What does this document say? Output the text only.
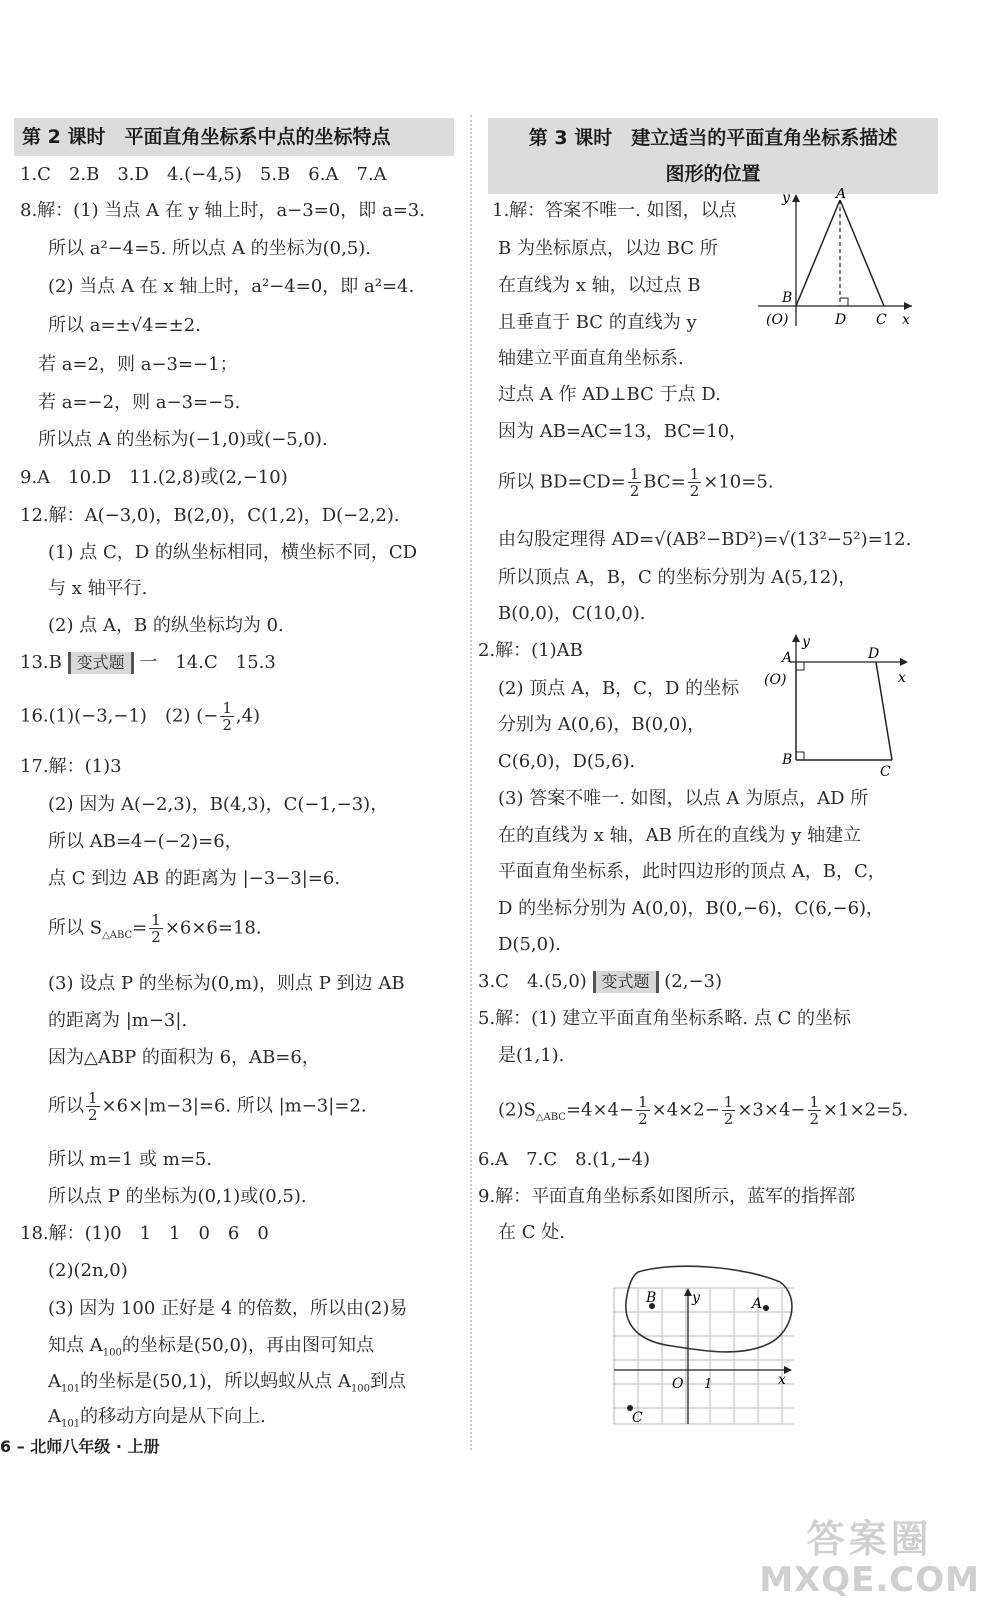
第 2 课时　平面直角坐标系中点的坐标特点
1.C　2.B　3.D　4.(−4,5)　5.B　6.A　7.A
8.解：(1) 当点 A 在 y 轴上时，a−3=0，即 a=3.
所以 a²−4=5. 所以点 A 的坐标为(0,5).
(2) 当点 A 在 x 轴上时，a²−4=0，即 a²=4.
所以 a=±√4=±2.
若 a=2，则 a−3=−1；
若 a=−2，则 a−3=−5.
所以点 A 的坐标为(−1,0)或(−5,0).
9.A　10.D　11.(2,8)或(2,−10)
12.解：A(−3,0)，B(2,0)，C(1,2)，D(−2,2).
(1) 点 C，D 的纵坐标相同，横坐标不同，CD
与 x 轴平行.
(2) 点 A，B 的纵坐标均为 0.
13.B 变式题 一　14.C　15.3
16.(1)(−3,−1)　(2) (− $\frac{1}{2} ,4$)
17.解：(1)3
(2) 因为 A(−2,3)，B(4,3)，C(−1,−3)，
所以 AB=4−(−2)=6，
点 C 到边 AB 的距离为 |−3−3|=6.
所以 $S_{\triangle ABC}= \frac{1}{2} \times 6\times 6=18$.
(3) 设点 P 的坐标为(0,m)，则点 P 到边 AB
的距离为 |m−3|.
因为△ABP 的面积为 6，AB=6，
所以 $\frac{1}{2} \times 6\times|m-3|=6$. 所以 |m−3|=2.
所以 m=1 或 m=5.
所以点 P 的坐标为(0,1)或(0,5).
18.解：(1)0　1　1　0　6　0
(2)(2n,0)
(3) 因为 100 正好是 4 的倍数，所以由(2)易
知点 $A_{100}$的坐标是(50,0)，再由图可知点
$A_{101}$的坐标是(50,1)，所以蚂蚁从点 $A_{100}$到点
$A_{101}$的移动方向是从下向上.
第 3 课时　建立适当的平面直角坐标系描述
图形的位置
1.解：答案不唯一. 如图，以点
B 为坐标原点，以边 BC 所
在直线为 x 轴，以过点 B
且垂直于 BC 的直线为 y
轴建立平面直角坐标系.
过点 A 作 AD⊥BC 于点 D.
因为 AB=AC=13，BC=10，
所以 $BD=CD= \frac{1}{2} BC= \frac{1}{2} \times 10=5$.
由勾股定理得 AD=√(AB²−BD²)=√(13²−5²)=12.
所以顶点 A，B，C 的坐标分别为 A(5,12)，
B(0,0)，C(10,0).
2.解：(1)AB
(2) 顶点 A，B，C，D 的坐标
分别为 A(0,6)，B(0,0)，
C(6,0)，D(5,6).
(3) 答案不唯一. 如图，以点 A 为原点，AD 所
在的直线为 x 轴，AB 所在的直线为 y 轴建立
平面直角坐标系，此时四边形的顶点 A，B，C，
D 的坐标分别为 A(0,0)，B(0,−6)，C(6,−6)，
D(5,0).
3.C　4.(5,0) 变式题 (2,−3)
5.解：(1) 建立平面直角坐标系略. 点 C 的坐标
是(1,1).
$(2)S_{\triangle ABC}=4\times 4- \frac{1}{2} \times 4\times 2- \frac{1}{2} \times 3\times 4- \frac{1}{2} \times 1\times 2=5$.
6.A　7.C　8.(1,−4)
9.解：平面直角坐标系如图所示，蓝军的指挥部
在 C 处.
A
B
(O)	D C x
y
A
(O)
D
B
C
x
y
B	A
C
O 1	x
y
6 – 北师八年级 · 上册
答案圈
MXQE.COM
